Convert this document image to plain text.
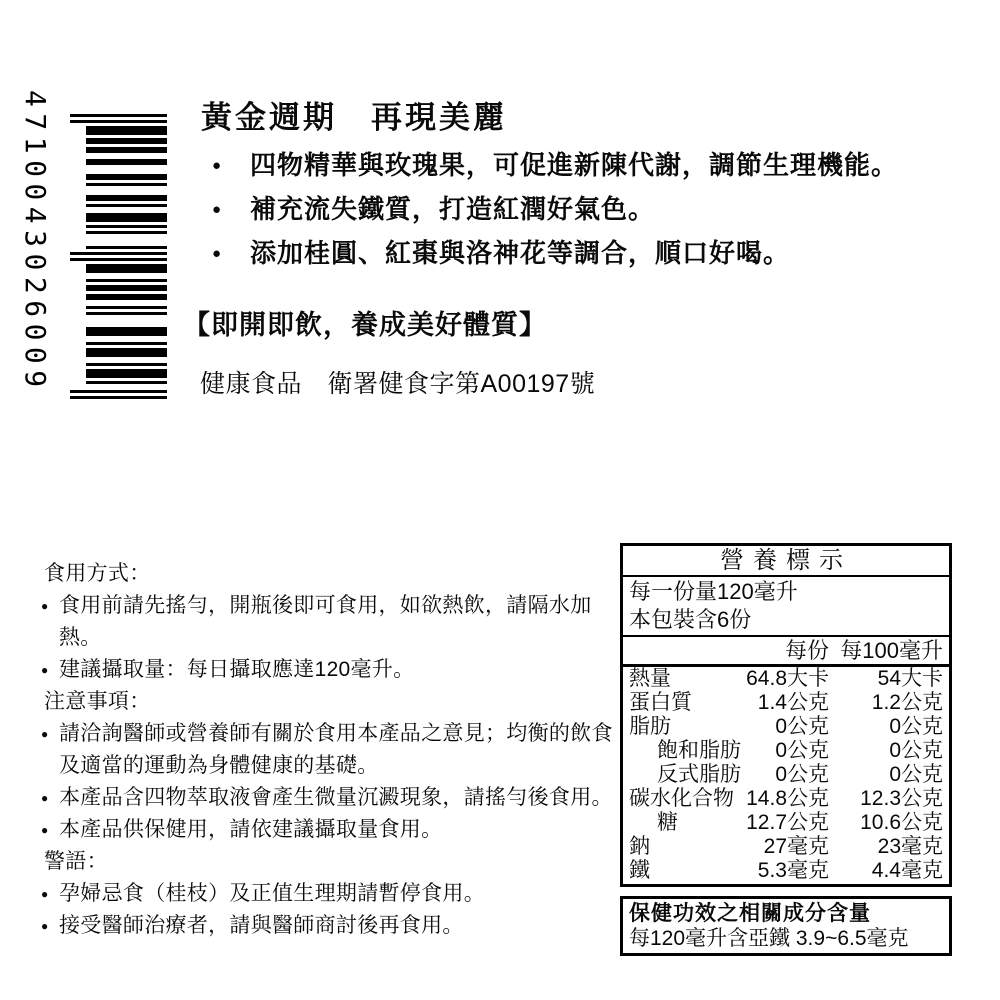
4710043026009	黃金週期　再現美麗
● 四物精華與玫瑰果，可促進新陳代謝，調節生理機能。
● 補充流失鐵質，打造紅潤好氣色。
● 添加桂圓、紅棗與洛神花等調合，順口好喝。
【即開即飲，養成美好體質】
健康食品　衛署健食字第A00197號
食用方式：
● 食用前請先搖勻，開瓶後即可食用，如欲熱飲，請隔水加熱。
● 建議攝取量：每日攝取應達120毫升。
注意事項：
● 請洽詢醫師或營養師有關於食用本產品之意見；均衡的飲食及適當的運動為身體健康的基礎。
● 本產品含四物萃取液會產生微量沉澱現象，請搖勻後食用。
● 本產品供保健用，請依建議攝取量食用。
警語：
● 孕婦忌食（桂枝）及正值生理期請暫停食用。
● 接受醫師治療者，請與醫師商討後再食用。
營養標示
每一份量120毫升
本包裝含6份
每份 每100毫升
熱量	64.8大卡	54大卡
蛋白質	1.4公克	1.2公克
脂肪	0公克	0公克
飽和脂肪	0公克	0公克
反式脂肪	0公克	0公克
碳水化合物 14.8公克	12.3公克
糖	12.7公克	10.6公克
鈉	27毫克	23毫克
鐵	5.3毫克	4.4毫克
保健功效之相關成分含量
每120毫升含亞鐵 3.9~6.5毫克
